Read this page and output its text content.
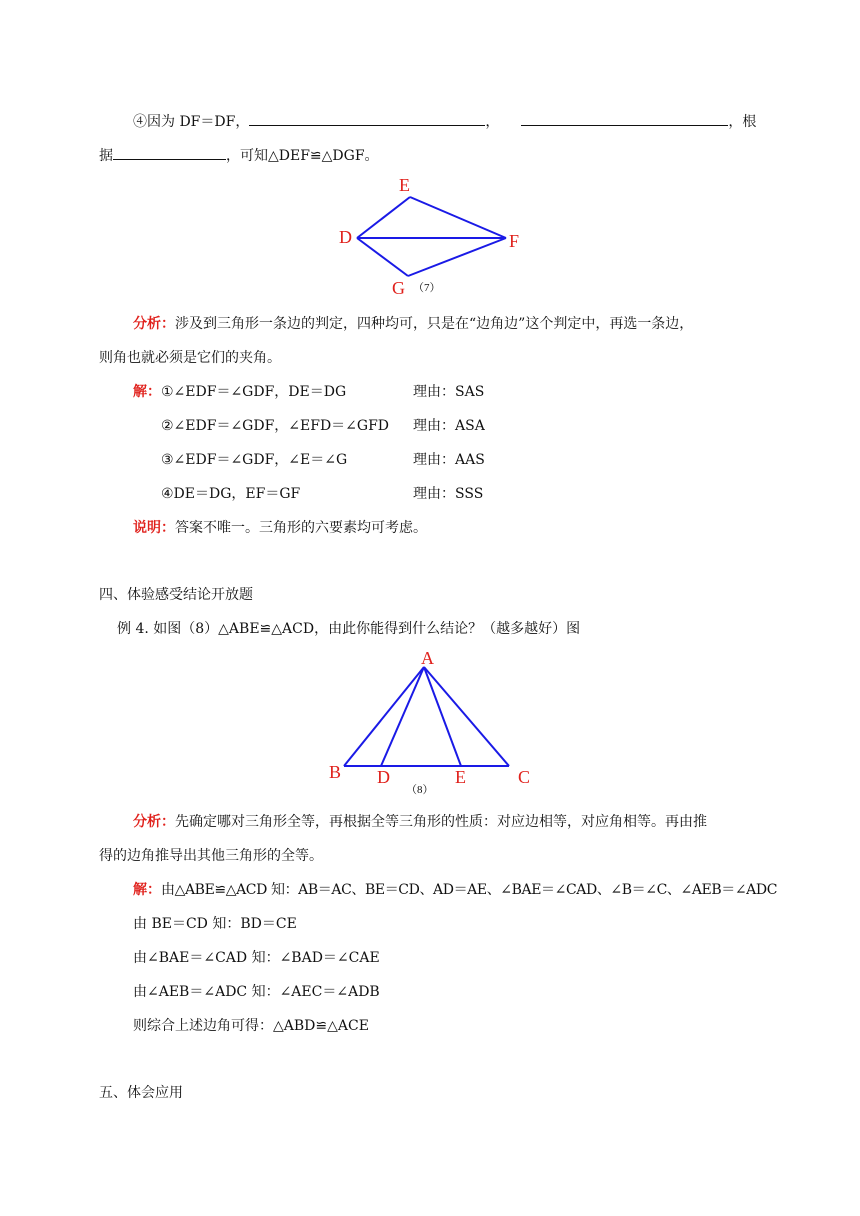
④因为 DF＝DF，	，	，根
据	，可知△DEF≌△DGF。
E
D	F
G （7）
分析：涉及到三角形一条边的判定，四种均可，只是在“边角边”这个判定中，再选一条边，
则角也就必须是它们的夹角。
解： ①∠EDF＝∠GDF，DE＝DG	理由：SAS
②∠EDF＝∠GDF，∠EFD＝∠GFD 理由：ASA
③∠EDF＝∠GDF，∠E＝∠G	理由：AAS
④DE＝DG，EF＝GF	理由：SSS
说明：答案不唯一。三角形的六要素均可考虑。
四、体验感受结论开放题
例 4. 如图（8）△ABE≌△ACD，由此你能得到什么结论？（越多越好）图
A
B D	E	C
（8）
分析：先确定哪对三角形全等，再根据全等三角形的性质：对应边相等，对应角相等。再由推
得的边角推导出其他三角形的全等。
解：由△ABE≌△ACD 知：AB＝AC、BE＝CD、AD＝AE、∠BAE＝∠CAD、∠B＝∠C、∠AEB＝∠ADC
由 BE＝CD 知：BD＝CE
由∠BAE＝∠CAD 知：∠BAD＝∠CAE
由∠AEB＝∠ADC 知：∠AEC＝∠ADB
则综合上述边角可得：△ABD≌△ACE
五、体会应用
